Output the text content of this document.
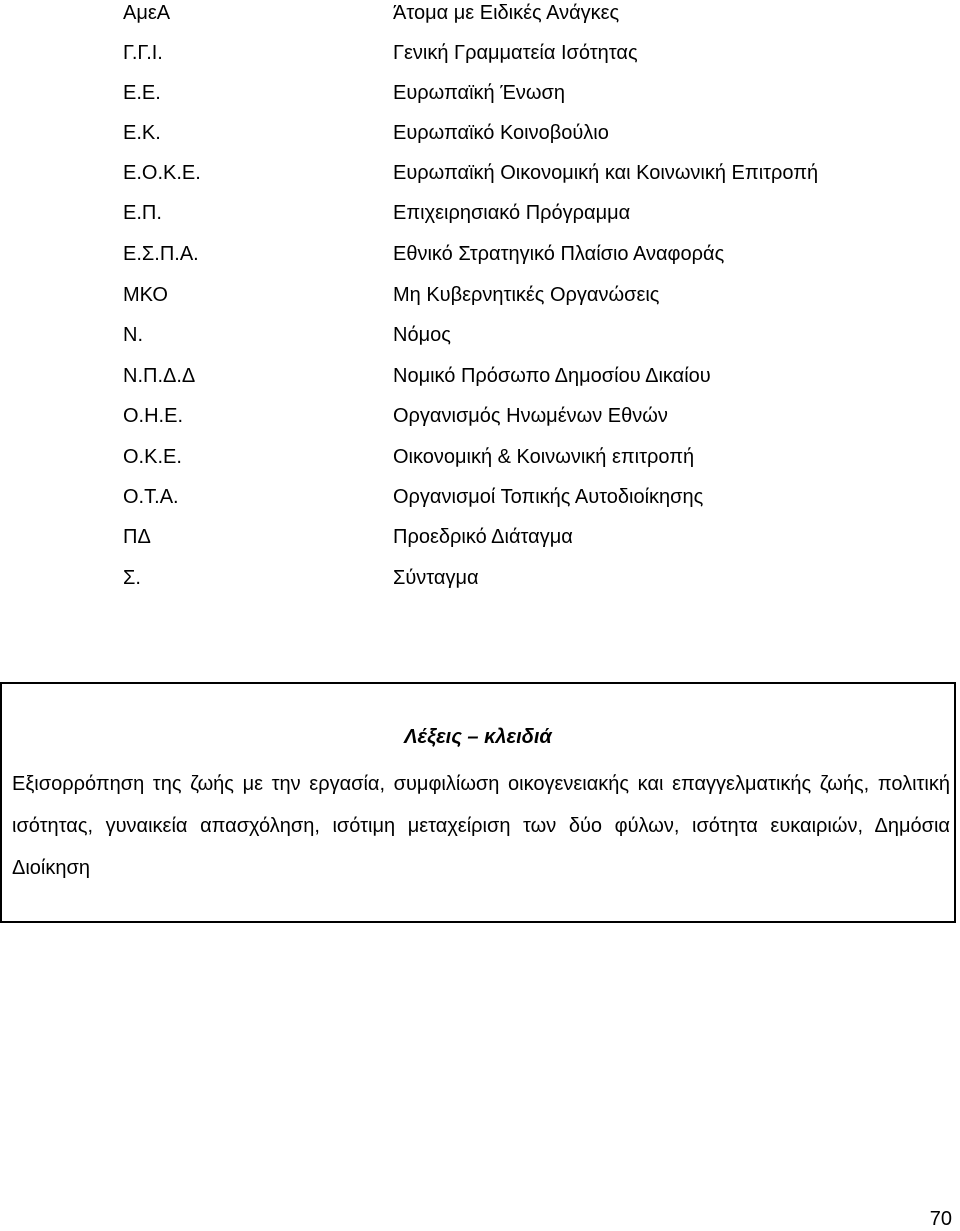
ΑμεΑ	Άτομα με Ειδικές Ανάγκες
Γ.Γ.Ι.	Γενική Γραμματεία Ισότητας
Ε.Ε.	Ευρωπαϊκή Ένωση
Ε.Κ.	Ευρωπαϊκό Κοινοβούλιο
Ε.Ο.Κ.Ε.	Ευρωπαϊκή Οικονομική και Κοινωνική Επιτροπή
Ε.Π.	Επιχειρησιακό Πρόγραμμα
Ε.Σ.Π.Α.	Εθνικό Στρατηγικό Πλαίσιο Αναφοράς
ΜΚΟ	Μη Κυβερνητικές Οργανώσεις
Ν.	Νόμος
Ν.Π.Δ.Δ	Νομικό Πρόσωπο Δημοσίου Δικαίου
Ο.Η.Ε.	Οργανισμός Ηνωμένων Εθνών
Ο.Κ.Ε.	Οικονομική & Κοινωνική επιτροπή
Ο.Τ.Α.	Οργανισμοί Τοπικής Αυτοδιοίκησης
ΠΔ	Προεδρικό Διάταγμα
Σ.	Σύνταγμα
Λέξεις – κλειδιά
Εξισορρόπηση της ζωής με την εργασία, συμφιλίωση οικογενειακής και επαγγελματικής ζωής, πολιτική ισότητας, γυναικεία απασχόληση, ισότιμη μεταχείριση των δύο φύλων, ισότητα ευκαιριών, Δημόσια Διοίκηση
70
